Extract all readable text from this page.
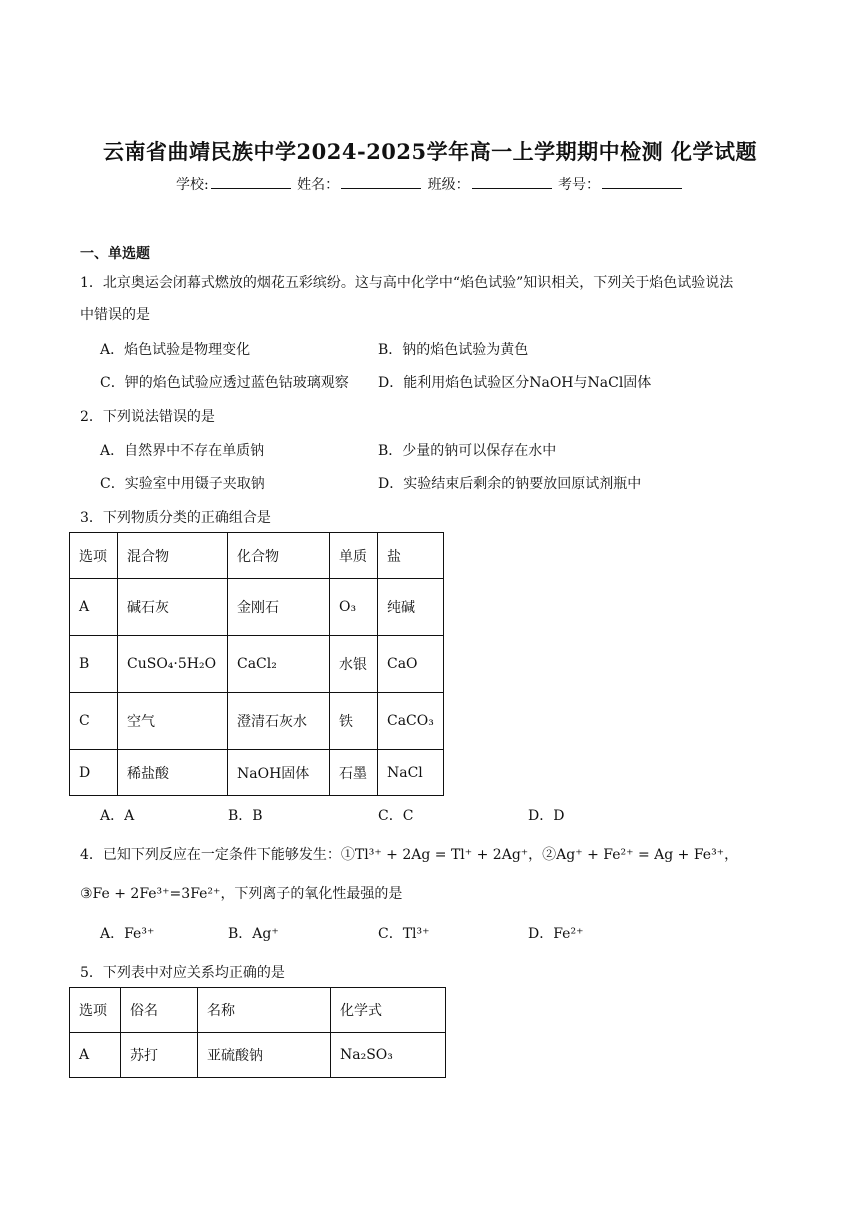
云南省曲靖民族中学2024-2025学年高一上学期期中检测 化学试题
学校:	姓名：	班级：	考号：
一、单选题
1．北京奥运会闭幕式燃放的烟花五彩缤纷。这与高中化学中“焰色试验”知识相关，下列关于焰色试验说法
中错误的是
A．焰色试验是物理变化	B．钠的焰色试验为黄色
C．钾的焰色试验应透过蓝色钴玻璃观察 D．能利用焰色试验区分NaOH与NaCl固体
2．下列说法错误的是
A．自然界中不存在单质钠	B．少量的钠可以保存在水中
C．实验室中用镊子夹取钠	D．实验结束后剩余的钠要放回原试剂瓶中
3．下列物质分类的正确组合是
选项	混合物	化合物	单质	盐
A	碱石灰	金刚石	O₃	纯碱
B	CuSO₄·5H₂O	CaCl₂	水银	CaO
C	空气	澄清石灰水	铁	CaCO₃
D	稀盐酸	NaOH固体	石墨	NaCl
A．A	B．B	C．C	D．D
4．已知下列反应在一定条件下能够发生：①Tl³⁺ + 2Ag = Tl⁺ + 2Ag⁺，②Ag⁺ + Fe²⁺ = Ag + Fe³⁺，
③Fe + 2Fe³⁺=3Fe²⁺，下列离子的氧化性最强的是
A．Fe³⁺	B．Ag⁺	C．Tl³⁺	D．Fe²⁺
5．下列表中对应关系均正确的是
选项	俗名	名称	化学式
A	苏打	亚硫酸钠	Na₂SO₃
